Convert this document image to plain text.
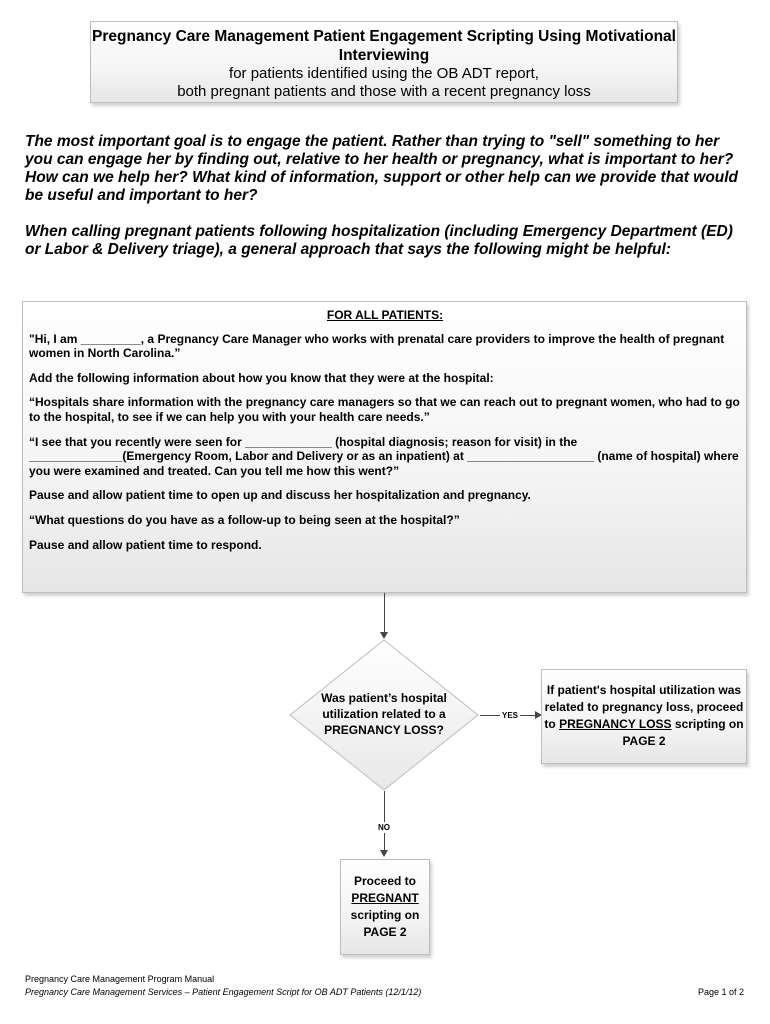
Pregnancy Care Management Patient Engagement Scripting Using Motivational
Interviewing
for patients identified using the OB ADT report,
both pregnant patients and those with a recent pregnancy loss
The most important goal is to engage the patient. Rather than trying to "sell" something to her you can engage her by finding out, relative to her health or pregnancy, what is important to her? How can we help her? What kind of information, support or other help can we provide that would be useful and important to her?
When calling pregnant patients following hospitalization (including Emergency Department (ED) or Labor & Delivery triage), a general approach that says the following might be helpful:

FOR ALL PATIENTS:

"Hi, I am _________, a Pregnancy Care Manager who works with prenatal care providers to improve the health of pregnant women in North Carolina.”

Add the following information about how you know that they were at the hospital:

“Hospitals share information with the pregnancy care managers so that we can reach out to pregnant women, who had to go to the hospital, to see if we can help you with your health care needs.”

“I see that you recently were seen for _____________ (hospital diagnosis; reason for visit) in the ______________(Emergency Room, Labor and Delivery or as an inpatient) at ___________________ (name of hospital) where you were examined and treated. Can you tell me how this went?”

Pause and allow patient time to open up and discuss her hospitalization and pregnancy.

“What questions do you have as a follow-up to being seen at the hospital?”

Pause and allow patient time to respond.

Was patient’s hospital utilization related to a PREGNANCY LOSS?
YES
If patient's hospital utilization was related to pregnancy loss, proceed to PREGNANCY LOSS scripting on
PAGE 2
NO
Proceed to
PREGNANT
scripting on
PAGE 2
Pregnancy Care Management Program Manual
Pregnancy Care Management Services – Patient Engagement Script for OB ADT Patients (12/1/12)	Page 1 of 2
